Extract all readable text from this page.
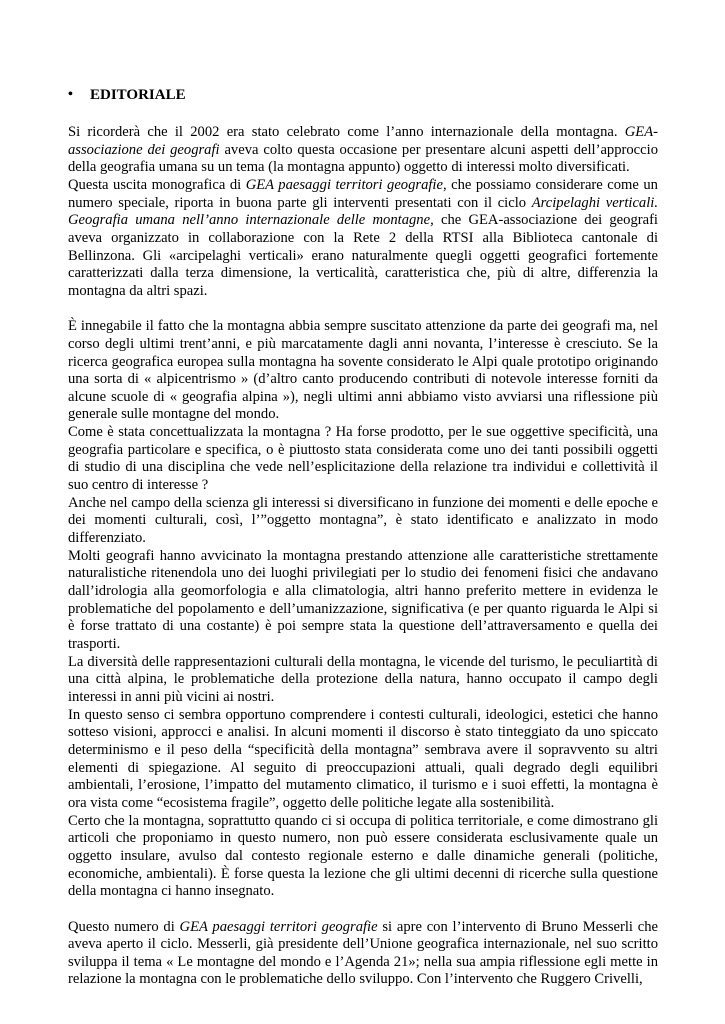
•	EDITORIALE

Si ricorderà che il 2002 era stato celebrato come l’anno internazionale della montagna. GEA-associazione dei geografi aveva colto questa occasione per presentare alcuni aspetti dell’approccio della geografia umana su un tema (la montagna appunto) oggetto di interessi molto diversificati.

Questa uscita monografica di GEA paesaggi territori geografie, che possiamo considerare come un numero speciale, riporta in buona parte gli interventi presentati con il ciclo Arcipelaghi verticali. Geografia umana nell’anno internazionale delle montagne, che GEA-associazione dei geografi aveva organizzato in collaborazione con la Rete 2 della RTSI alla Biblioteca cantonale di Bellinzona. Gli «arcipelaghi verticali» erano naturalmente quegli oggetti geografici fortemente caratterizzati dalla terza dimensione, la verticalità, caratteristica che, più di altre, differenzia la montagna da altri spazi.

È innegabile il fatto che la montagna abbia sempre suscitato attenzione da parte dei geografi ma, nel corso degli ultimi trent’anni, e più marcatamente dagli anni novanta, l’interesse è cresciuto. Se la ricerca geografica europea sulla montagna ha sovente considerato le Alpi quale prototipo originando una sorta di « alpicentrismo » (d’altro canto producendo contributi di notevole interesse forniti da alcune scuole di « geografia alpina »), negli ultimi anni abbiamo visto avviarsi una riflessione più generale sulle montagne del mondo.

Come è stata concettualizzata la montagna ? Ha forse prodotto, per le sue oggettive specificità, una geografia particolare e specifica, o è piuttosto stata considerata come uno dei tanti possibili oggetti di studio di una disciplina che vede nell’esplicitazione della relazione tra individui e collettività il suo centro di interesse ?

Anche nel campo della scienza gli interessi si diversificano in funzione dei momenti e delle epoche e dei momenti culturali, così, l’”oggetto montagna”, è stato identificato e analizzato in modo differenziato.

Molti geografi hanno avvicinato la montagna prestando attenzione alle caratteristiche strettamente naturalistiche ritenendola uno dei luoghi privilegiati per lo studio dei fenomeni fisici che andavano dall’idrologia alla geomorfologia e alla climatologia, altri hanno preferito mettere in evidenza le problematiche del popolamento e dell’umanizzazione, significativa (e per quanto riguarda le Alpi si è forse trattato di una costante) è poi sempre stata la questione dell’attraversamento e quella dei trasporti.

La diversità delle rappresentazioni culturali della montagna, le vicende del turismo, le peculiartità di una città alpina, le problematiche della protezione della natura, hanno occupato il campo degli interessi in anni più vicini ai nostri.

In questo senso ci sembra opportuno comprendere i contesti culturali, ideologici, estetici che hanno sotteso visioni, approcci e analisi. In alcuni momenti il discorso è stato tinteggiato da uno spiccato determinismo e il peso della “specificità della montagna” sembrava avere il sopravvento su altri elementi di spiegazione. Al seguito di preoccupazioni attuali, quali degrado degli equilibri ambientali, l’erosione, l’impatto del mutamento climatico, il turismo e i suoi effetti, la montagna è ora vista come “ecosistema fragile”, oggetto delle politiche legate alla sostenibilità.

Certo che la montagna, soprattutto quando ci si occupa di politica territoriale, e come dimostrano gli articoli che proponiamo in questo numero, non può essere considerata esclusivamente quale un oggetto insulare, avulso dal contesto regionale esterno e dalle dinamiche generali (politiche, economiche, ambientali). È forse questa la lezione che gli ultimi decenni di ricerche sulla questione della montagna ci hanno insegnato.

Questo numero di GEA paesaggi territori geografie si apre con l’intervento di Bruno Messerli che aveva aperto il ciclo. Messerli, già presidente dell’Unione geografica internazionale, nel suo scritto sviluppa il tema « Le montagne del mondo e l’Agenda 21»; nella sua ampia riflessione egli mette in relazione la montagna con le problematiche dello sviluppo. Con l’intervento che Ruggero Crivelli,
